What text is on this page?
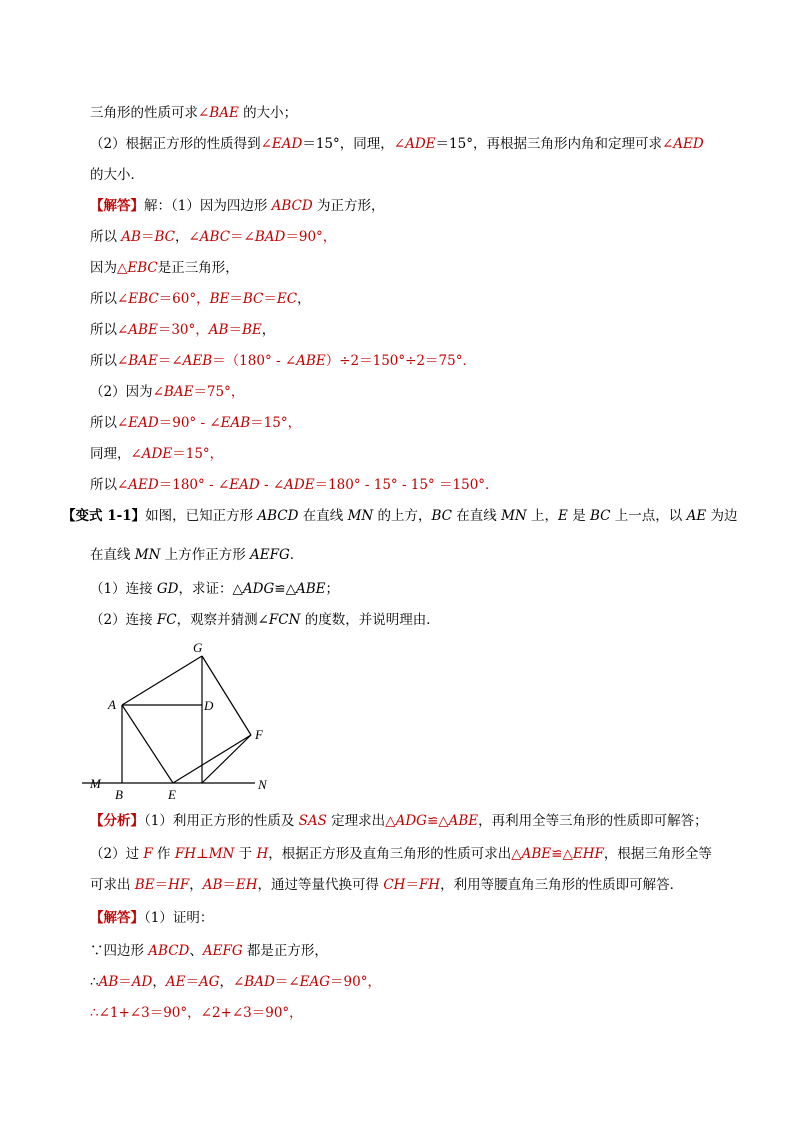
三角形的性质可求∠BAE 的大小；
（2）根据正方形的性质得到∠EAD＝15°，同理，∠ADE＝15°，再根据三角形内角和定理可求∠AED
的大小．
【解答】解：（1）因为四边形 ABCD 为正方形，
所以 AB＝BC，∠ABC＝∠BAD＝90°，
因为△EBC是正三角形，
所以∠EBC＝60°，BE＝BC＝EC，
所以∠ABE＝30°，AB＝BE，
所以∠BAE＝∠AEB＝（180° - ∠ABE）÷2＝150°÷2＝75°．
（2）因为∠BAE＝75°，
所以∠EAD＝90° - ∠EAB＝15°，
同理，∠ADE＝15°，
所以∠AED＝180° - ∠EAD - ∠ADE＝180° - 15° - 15° ＝150°．
【变式 1-1】如图，已知正方形 ABCD 在直线 MN 的上方，BC 在直线 MN 上，E 是 BC 上一点，以 AE 为边
在直线 MN 上方作正方形 AEFG．
（1）连接 GD，求证：△ADG≌△ABE；
（2）连接 FC，观察并猜测∠FCN 的度数，并说明理由．
G
A	D
F
M	N
B	E
【分析】（1）利用正方形的性质及 SAS 定理求出△ADG≌△ABE，再利用全等三角形的性质即可解答；
（2）过 F 作 FH⊥MN 于 H，根据正方形及直角三角形的性质可求出△ABE≌△EHF，根据三角形全等
可求出 BE＝HF，AB＝EH，通过等量代换可得 CH＝FH，利用等腰直角三角形的性质即可解答．
【解答】（1）证明：
∵四边形 ABCD、AEFG 都是正方形，
∴AB＝AD，AE＝AG，∠BAD＝∠EAG＝90°，
∴∠1+∠3＝90°，∠2+∠3＝90°，
